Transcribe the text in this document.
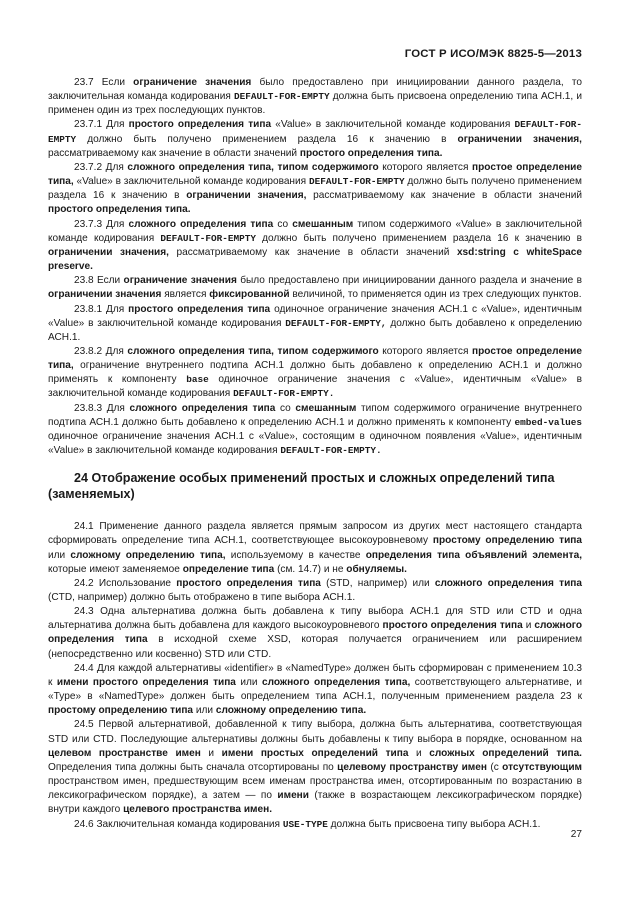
ГОСТ Р ИСО/МЭК 8825-5—2013

23.7 Если ограничение значения было предоставлено при инициировании данного раздела, то заключительная команда кодирования DEFAULT-FOR-EMPTY должна быть присвоена определению типа АСН.1, и применен один из трех последующих пунктов.

23.7.1 Для простого определения типа «Value» в заключительной команде кодирования DEFAULT-FOR-EMPTY должно быть получено применением раздела 16 к значению в ограничении значения, рассматриваемому как значение в области значений простого определения типа.

23.7.2 Для сложного определения типа, типом содержимого которого является простое определение типа, «Value» в заключительной команде кодирования DEFAULT-FOR-EMPTY должно быть получено применением раздела 16 к значению в ограничении значения, рассматриваемому как значение в области значений простого определения типа.

23.7.3 Для сложного определения типа со смешанным типом содержимого «Value» в заключительной команде кодирования DEFAULT-FOR-EMPTY должно быть получено применением раздела 16 к значению в ограничении значения, рассматриваемому как значение в области значений xsd:string с whiteSpace preserve.

23.8 Если ограничение значения было предоставлено при инициировании данного раздела и значение в ограничении значения является фиксированной величиной, то применяется один из трех следующих пунктов.

23.8.1 Для простого определения типа одиночное ограничение значения АСН.1 с «Value», идентичным «Value» в заключительной команде кодирования DEFAULT-FOR-EMPTY, должно быть добавлено к определению АСН.1.

23.8.2 Для сложного определения типа, типом содержимого которого является простое определение типа, ограничение внутреннего подтипа АСН.1 должно быть добавлено к определению АСН.1 и должно применять к компоненту base одиночное ограничение значения с «Value», идентичным «Value» в заключительной команде кодирования DEFAULT-FOR-EMPTY.

23.8.3 Для сложного определения типа со смешанным типом содержимого ограничение внутреннего подтипа АСН.1 должно быть добавлено к определению АСН.1 и должно применять к компоненту embed-values одиночное ограничение значения АСН.1 с «Value», состоящим в одиночном появления «Value», идентичным «Value» в заключительной команде кодирования DEFAULT-FOR-EMPTY.

24 Отображение особых применений простых и сложных определений типа (заменяемых)

24.1 Применение данного раздела является прямым запросом из других мест настоящего стандарта сформировать определение типа АСН.1, соответствующее высокоуровневому простому определению типа или сложному определению типа, используемому в качестве определения типа объявлений элемента, которые имеют заменяемое определение типа (см. 14.7) и не обнуляемы.

24.2 Использование простого определения типа (STD, например) или сложного определения типа (CTD, например) должно быть отображено в типе выбора АСН.1.

24.3 Одна альтернатива должна быть добавлена к типу выбора АСН.1 для STD или CTD и одна альтернатива должна быть добавлена для каждого высокоуровневого простого определения типа и сложного определения типа в исходной схеме XSD, которая получается ограничением или расширением (непосредственно или косвенно) STD или CTD.

24.4 Для каждой альтернативы «identifier» в «NamedType» должен быть сформирован с применением 10.3 к имени простого определения типа или сложного определения типа, соответствующего альтернативе, и «Type» в «NamedType» должен быть определением типа АСН.1, полученным применением раздела 23 к простому определению типа или сложному определению типа.

24.5 Первой альтернативой, добавленной к типу выбора, должна быть альтернатива, соответствующая STD или CTD. Последующие альтернативы должны быть добавлены к типу выбора в порядке, основанном на целевом пространстве имен и имени простых определений типа и сложных определений типа. Определения типа должны быть сначала отсортированы по целевому пространству имен (с отсутствующим пространством имен, предшествующим всем именам пространства имен, отсортированным по возрастанию в лексикографическом порядке), а затем — по имени (также в возрастающем лексикографическом порядке) внутри каждого целевого пространства имен.

24.6 Заключительная команда кодирования USE-TYPE должна быть присвоена типу выбора АСН.1.

27
